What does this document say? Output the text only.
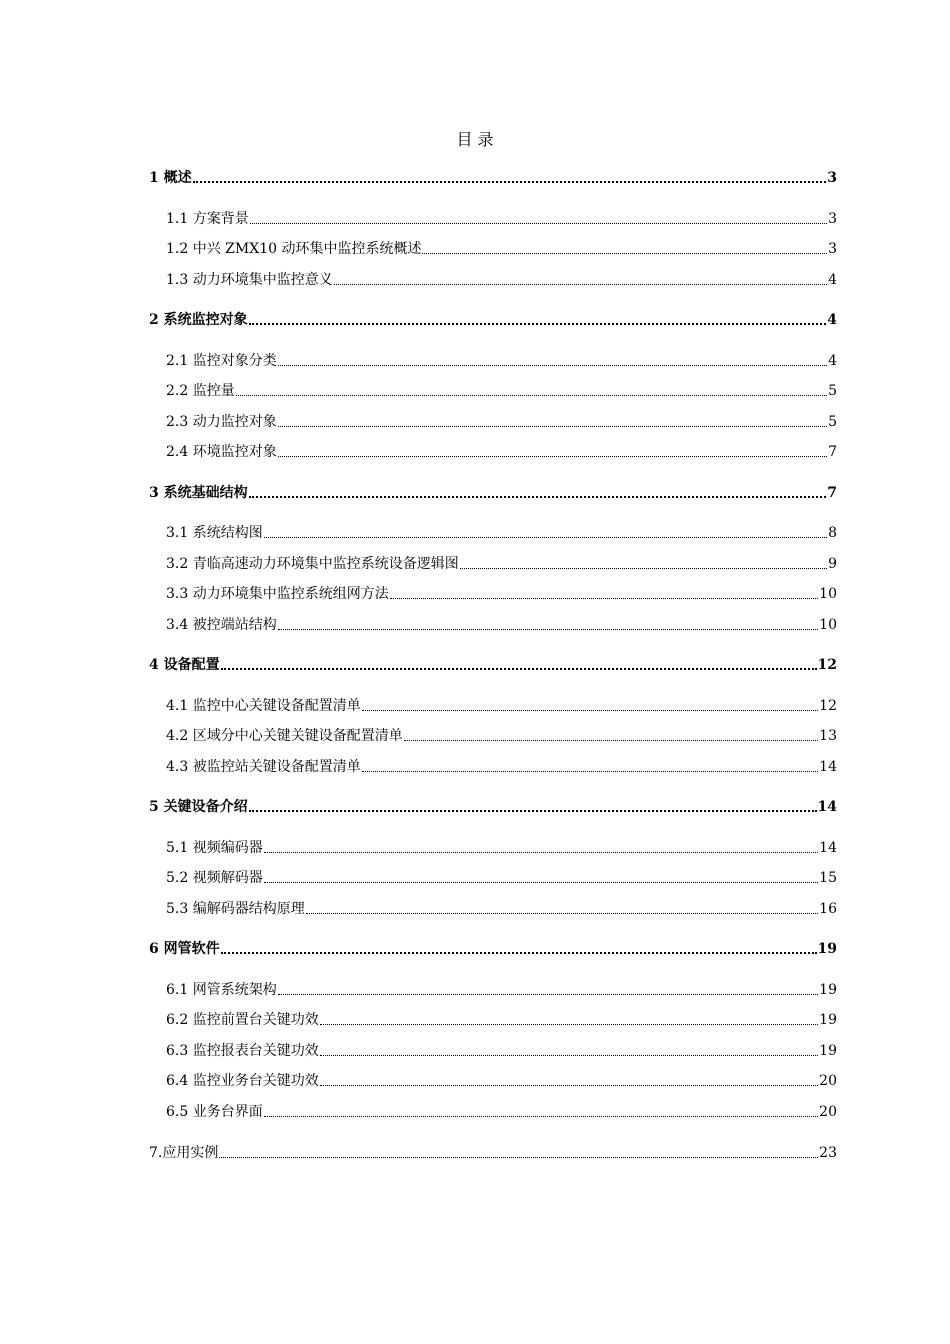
目 录
1 概述	3
1.1 方案背景	3
1.2 中兴 ZMX10 动环集中监控系统概述	3
1.3 动力环境集中监控意义	4
2 系统监控对象	4
2.1 监控对象分类	4
2.2 监控量	5
2.3 动力监控对象	5
2.4 环境监控对象	7
3 系统基础结构	7
3.1 系统结构图	8
3.2 青临高速动力环境集中监控系统设备逻辑图	9
3.3 动力环境集中监控系统组网方法	10
3.4 被控端站结构	10
4 设备配置	12
4.1 监控中心关键设备配置清单	12
4.2 区域分中心关键关键设备配置清单	13
4.3 被监控站关键设备配置清单	14
5 关键设备介绍	14
5.1 视频编码器	14
5.2 视频解码器	15
5.3 编解码器结构原理	16
6 网管软件	19
6.1 网管系统架构	19
6.2 监控前置台关键功效	19
6.3 监控报表台关键功效	19
6.4 监控业务台关键功效	20
6.5 业务台界面	20
7.应用实例	23
